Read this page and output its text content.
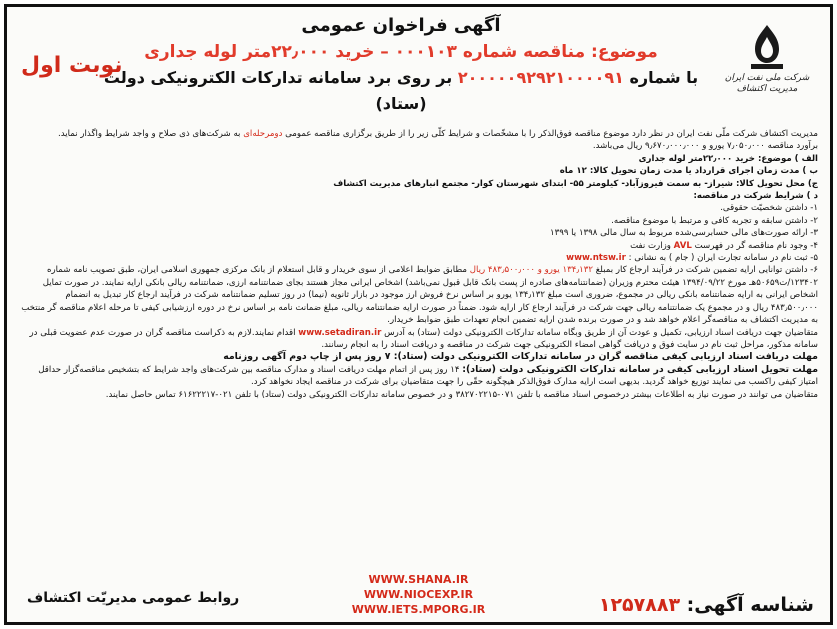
شرکت ملی نفت ایران
مدیریت اکتشاف
نوبت اول
آگهی فراخوان عمومی
موضوع: مناقصه شماره ۰۰۰۱۰۳ – خرید ۲۲٫۰۰۰متر لوله جداری
با شماره ۲۰۰۰۰۰۹۲۹۲۱۰۰۰۰۹۱ بر روی برد سامانه تدارکات الکترونیکی دولت (ستاد)

مدیریت اکتشاف شرکت ملّی نفت ایران در نظر دارد موضوع مناقصه فوق‌الذکر را با مشخّصات و شرایط کلّی زیر را از طریق برگزاری مناقصه عمومی دومرحله‌ای به شرکت‌های ذی صلاح و واجد شرایط واگذار نماید.

برآورد مناقصه ۷٫۰۵۰٫۰۰۰ یورو و ۹٫۶۷۰٫۰۰۰٫۰۰۰ ریال می‌باشد.

الف ) موضوع: خرید ۲۲٫۰۰۰متر لوله جداری

ب ) مدت زمان اجرای قرارداد یا مدت زمان تحویل کالا: ۱۲ ماه

ج) محل تحویل کالا: شیراز- به سمت فیروزآباد- کیلومتر ۵۵- ابتدای شهرستان کوار- مجتمع انبارهای مدیریت اکتشاف

د ) شرایط شرکت در مناقصه:

۱- داشتن شخصیّت حقوقی.

۲- داشتن سابقه و تجربه کافی و مرتبط با موضوع مناقصه.

۳- ارائه صورت‌های مالی حسابرسی‌شده مربوط به سال مالی ۱۳۹۸ یا ۱۳۹۹

۴- وجود نام مناقصه گر در فهرست AVL وزارت نفت

۵- ثبت نام در سامانه تجارت ایران ( جام ) به نشانی : www.ntsw.ir

۶- داشتن توانایی ارایه تضمین شرکت در فرآیند ارجاع کار بمبلغ ۱۳۴٫۱۳۲ یورو و ۴۸۳٫۵۰۰٫۰۰۰ ریال مطابق ضوابط اعلامی از سوی خریدار و قابل استعلام از بانک مرکزی جمهوری اسلامی ایران، طبق تصویب نامه شماره ۱۲۳۴۰۲/ت۵۰۶۵۹هـ مورخ ۱۳۹۴/۰۹/۲۲ هیئت محترم وزیران (ضمانتنامه‌های صادره از پست بانک قابل قبول نمی‌باشد) اشخاص ایرانی مجاز هستند بجای ضمانتنامه ارزی، ضمانتنامه ریالی بانکی ارایه نمایند. در صورت تمایل اشخاص ایرانی به ارایه ضمانتنامه بانکی ریالی در مجموع، ضروری است مبلغ ۱۳۴٫۱۳۲ یورو بر اساس نرخ فروش ارز موجود در بازار ثانویه (نیما) در روز تسلیم ضمانتنامه شرکت در فرآیند ارجاع کار تبدیل به انضمام ۴۸۳٫۵۰۰٫۰۰۰ ریال و در مجموع یک ضمانتنامه ریالی جهت شرکت در فرآیند ارجاع کار ارایه شود. ضمناً در صورت ارایه ضمانتنامه ریالی، مبلغ ضمانت نامه بر اساس نرخ در دوره ارزشیابی کیفی تا مرحله اعلام مناقصه گر منتخب به مدیریت اکتشاف به مناقصه‌گر اعلام خواهد شد و در صورت برنده شدن ارایه تضمین انجام تعهدات طبق ضوابط خریدار.

متقاضیان جهت دریافت اسناد ارزیابی، تکمیل و عودت آن از طریق وبگاه سامانه تدارکات الکترونیکی دولت (ستاد) به آدرس www.setadiran.ir اقدام نمایند.لازم به ذکراست مناقصه گران در صورت عدم عضویت قبلی در سامانه مذکور، مراحل ثبت نام در سایت فوق و دریافت گواهی امضاء الکترونیکی جهت شرکت در مناقصه و دریافت اسناد را به انجام رسانند.

مهلت دریافت اسناد ارزیابی کیفی مناقصه گران در سامانه تدارکات الکترونیکی دولت (ستاد): ۷ روز پس از چاپ دوم آگهی روزنامه

مهلت تحویل اسناد ارزیابی کیفی در سامانه تدارکات الکترونیکی دولت (ستاد): ۱۴ روز پس از اتمام مهلت دریافت اسناد و مدارک مناقصه بین شرکت‌های واجد شرایط که بتشخیص مناقصه‌گزار حداقل امتیاز کیفی راکسب می نمایند توزیع خواهد گردید. بدیهی است ارایه مدارک فوق‌الذکر هیچگونه حقّی را جهت متقاضیان برای شرکت در مناقصه ایجاد نخواهد کرد.

متقاضیان می توانند در صورت نیاز به اطلاعات بیشتر درخصوص اسناد مناقصه با تلفن ۰۷۱-۳۸۲۷۰۲۲۱۵ و در خصوص سامانه تدارکات الکترونیکی دولت (ستاد) با تلفن ۰۲۱-۶۱۶۲۲۲۱۷ تماس حاصل نمایند.

شناسه آگهی: ۱۲۵۷۸۸۳
WWW.SHANA.IR
WWW.NIOCEXP.IR
WWW.IETS.MPORG.IR
روابط عمومی مدیریّت اکتشاف
